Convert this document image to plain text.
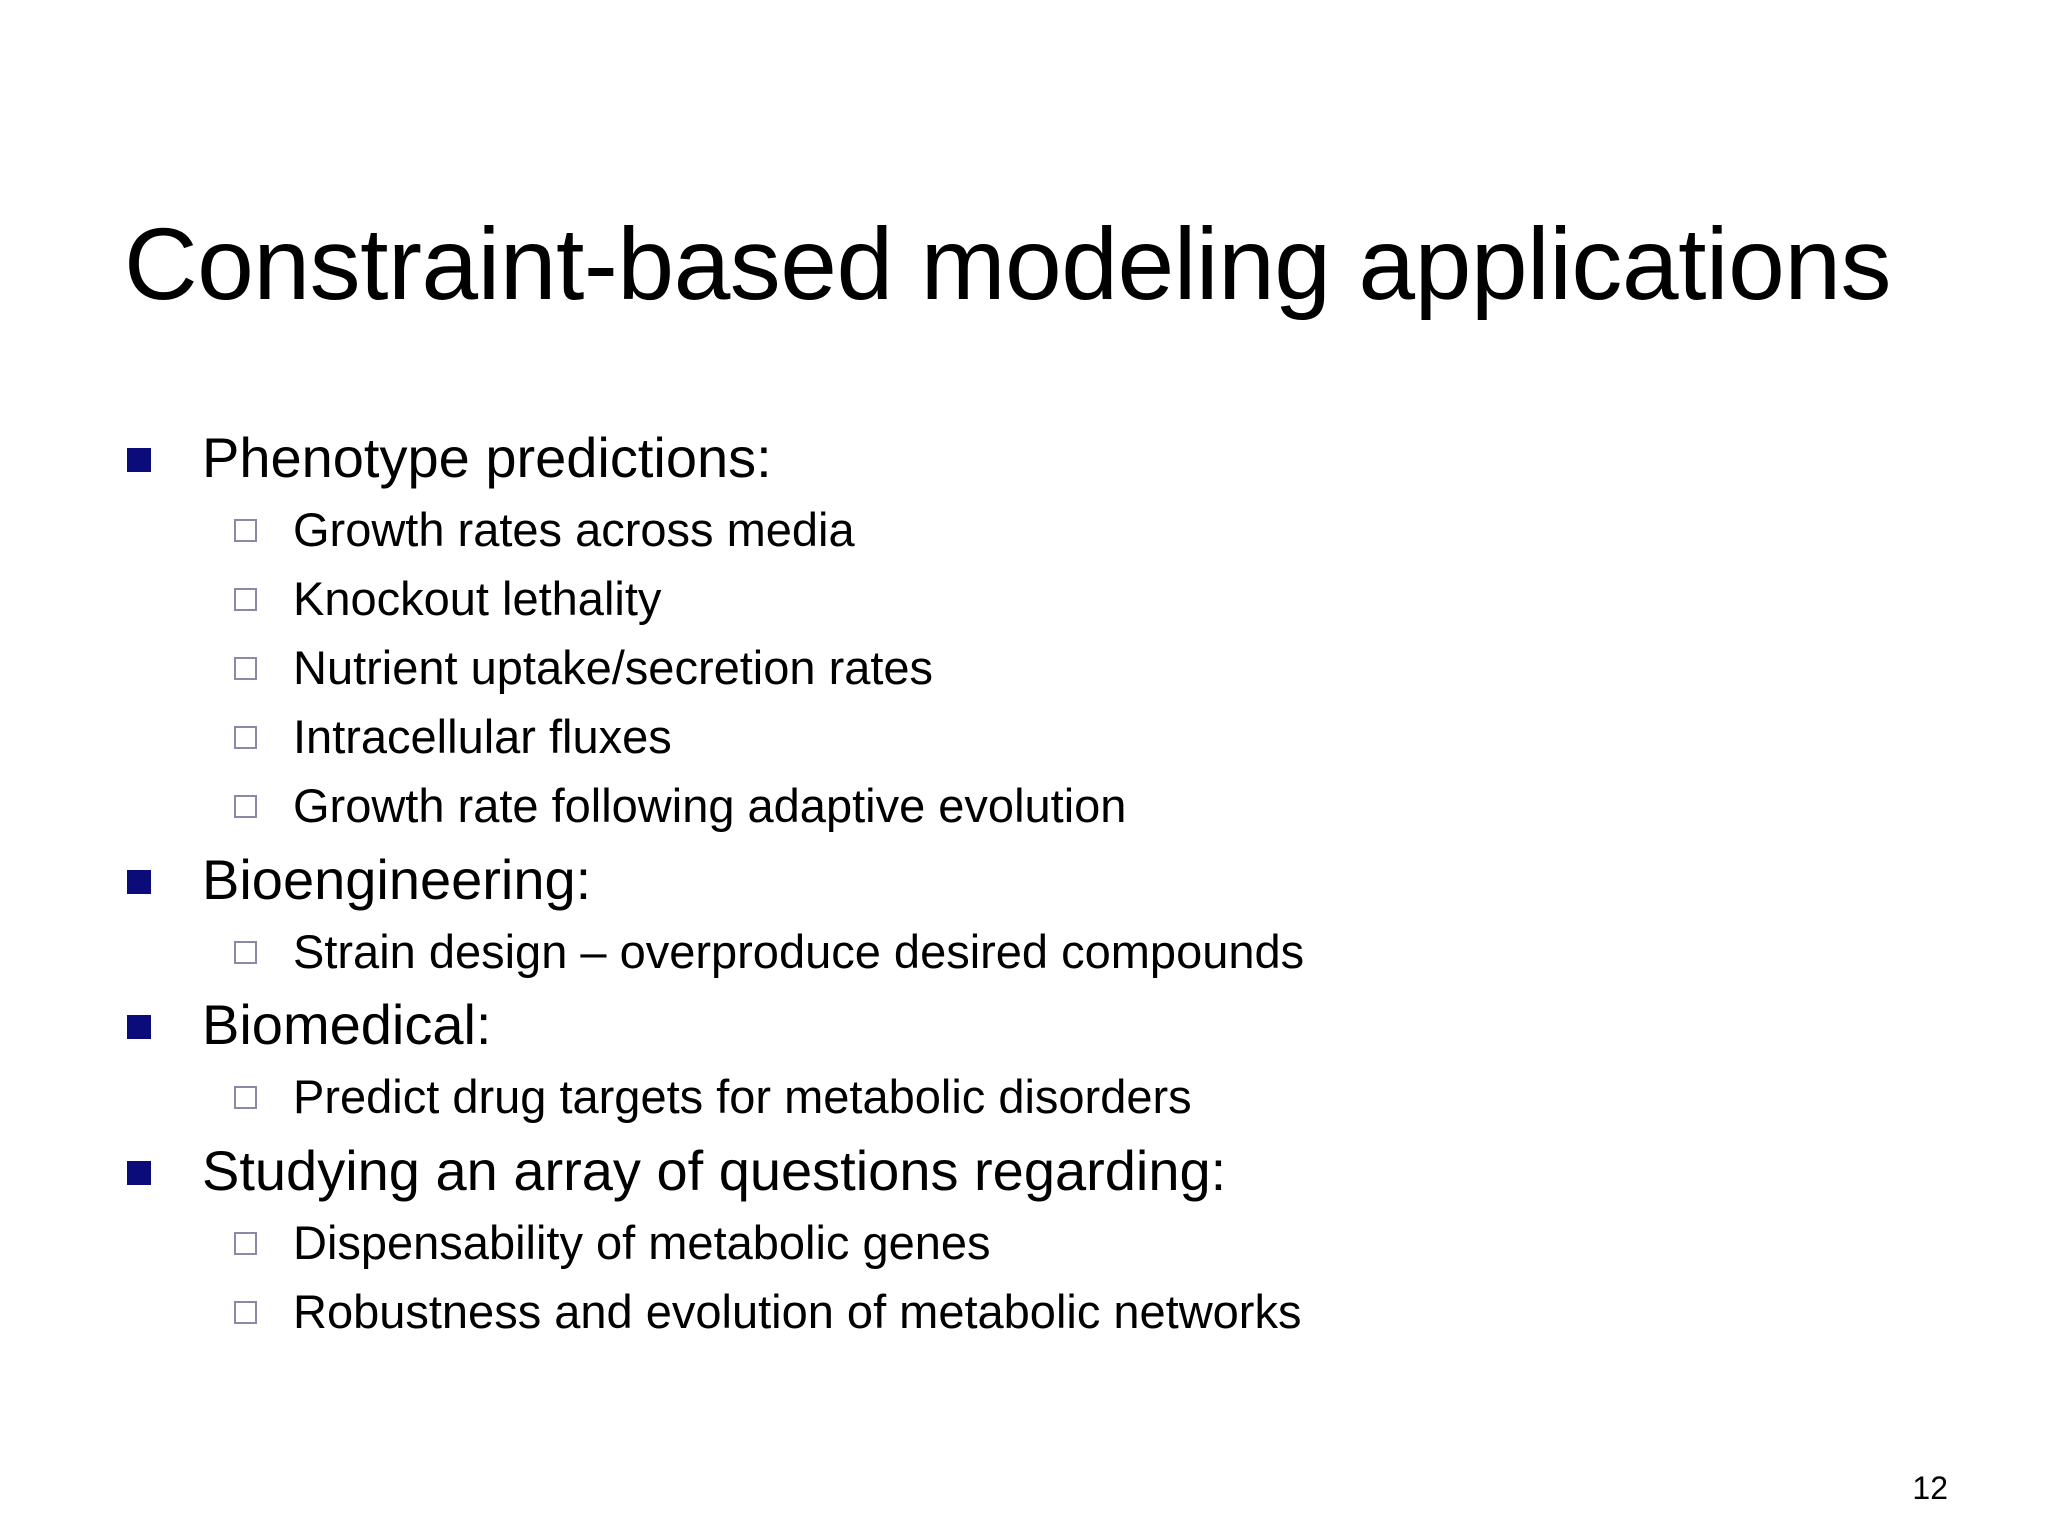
Constraint-based modeling applications
Phenotype predictions:
Growth rates across media
Knockout lethality
Nutrient uptake/secretion rates
Intracellular fluxes
Growth rate following adaptive evolution
Bioengineering:
Strain design – overproduce desired compounds
Biomedical:
Predict drug targets for metabolic disorders
Studying an array of questions regarding:
Dispensability of metabolic genes
Robustness and evolution of metabolic networks
12
